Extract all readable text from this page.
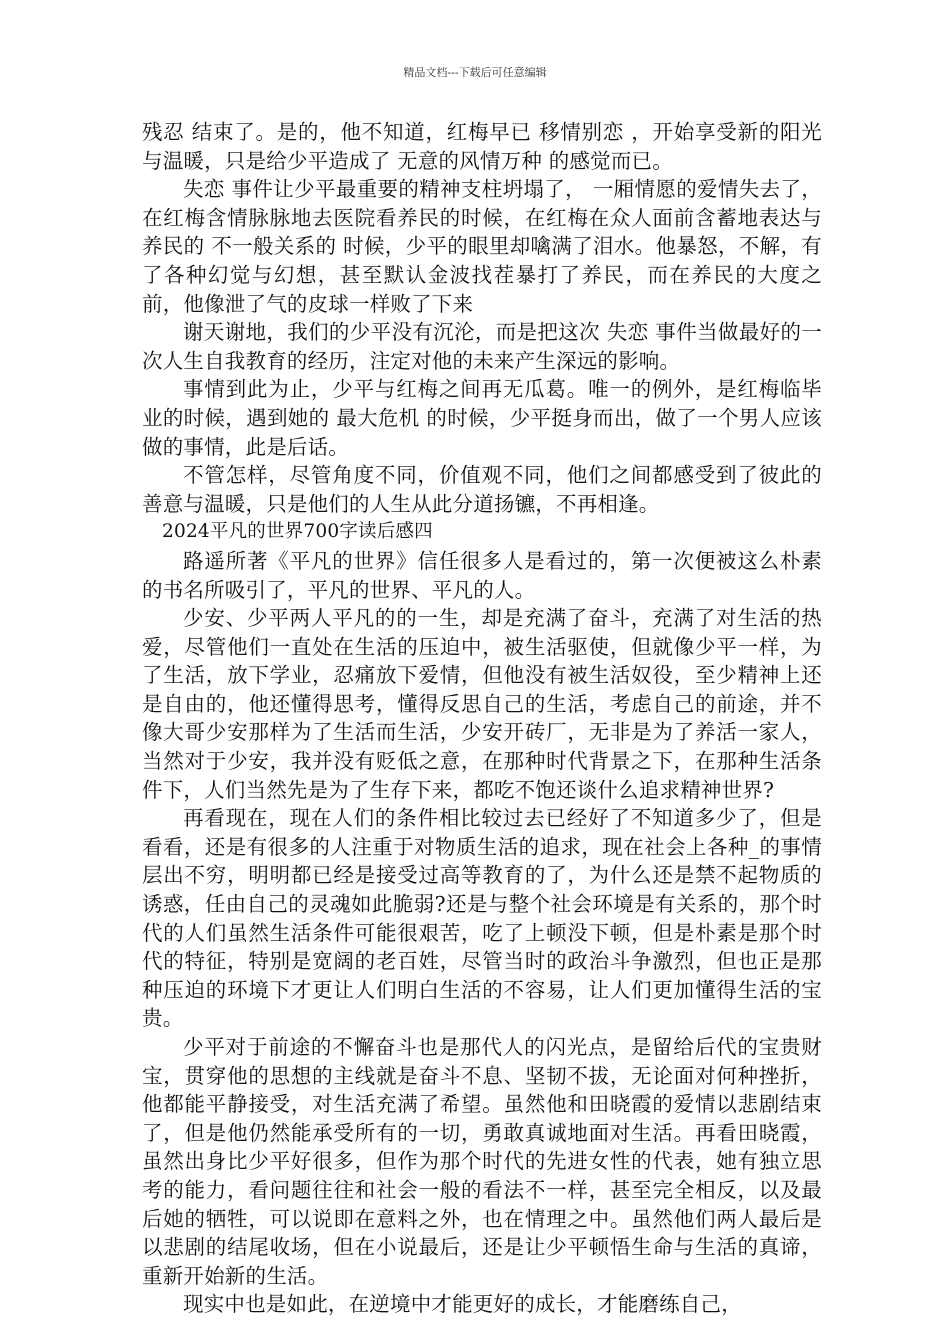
精品文档---下载后可任意编辑

残忍 结束了。是的，他不知道，红梅早已 移情别恋 ，开始享受新的阳光与温暖，只是给少平造成了 无意的风情万种 的感觉而已。

失恋 事件让少平最重要的精神支柱坍塌了， 一厢情愿的爱情失去了，在红梅含情脉脉地去医院看养民的时候，在红梅在众人面前含蓄地表达与养民的 不一般关系的 时候，少平的眼里却噙满了泪水。他暴怒，不解，有了各种幻觉与幻想，甚至默认金波找茬暴打了养民，而在养民的大度之前，他像泄了气的皮球一样败了下来

谢天谢地，我们的少平没有沉沦，而是把这次 失恋 事件当做最好的一次人生自我教育的经历，注定对他的未来产生深远的影响。

事情到此为止，少平与红梅之间再无瓜葛。唯一的例外，是红梅临毕业的时候，遇到她的 最大危机 的时候，少平挺身而出，做了一个男人应该做的事情，此是后话。

不管怎样，尽管角度不同，价值观不同，他们之间都感受到了彼此的善意与温暖，只是他们的人生从此分道扬镳，不再相逢。

2024平凡的世界700字读后感四

路遥所著《平凡的世界》信任很多人是看过的，第一次便被这么朴素的书名所吸引了，平凡的世界、平凡的人。

少安、少平两人平凡的的一生，却是充满了奋斗，充满了对生活的热爱，尽管他们一直处在生活的压迫中，被生活驱使，但就像少平一样，为了生活，放下学业，忍痛放下爱情，但他没有被生活奴役，至少精神上还是自由的，他还懂得思考，懂得反思自己的生活，考虑自己的前途，并不像大哥少安那样为了生活而生活，少安开砖厂，无非是为了养活一家人，当然对于少安，我并没有贬低之意，在那种时代背景之下，在那种生活条件下，人们当然先是为了生存下来，都吃不饱还谈什么追求精神世界?

再看现在，现在人们的条件相比较过去已经好了不知道多少了，但是看看，还是有很多的人注重于对物质生活的追求，现在社会上各种_的事情层出不穷，明明都已经是接受过高等教育的了，为什么还是禁不起物质的诱惑，任由自己的灵魂如此脆弱?还是与整个社会环境是有关系的，那个时代的人们虽然生活条件可能很艰苦，吃了上顿没下顿，但是朴素是那个时代的特征，特别是宽阔的老百姓，尽管当时的政治斗争激烈，但也正是那种压迫的环境下才更让人们明白生活的不容易，让人们更加懂得生活的宝贵。

少平对于前途的不懈奋斗也是那代人的闪光点，是留给后代的宝贵财宝，贯穿他的思想的主线就是奋斗不息、坚韧不拔，无论面对何种挫折，他都能平静接受，对生活充满了希望。虽然他和田晓霞的爱情以悲剧结束了，但是他仍然能承受所有的一切，勇敢真诚地面对生活。再看田晓霞，虽然出身比少平好很多，但作为那个时代的先进女性的代表，她有独立思考的能力，看问题往往和社会一般的看法不一样，甚至完全相反，以及最后她的牺牲，可以说即在意料之外，也在情理之中。虽然他们两人最后是以悲剧的结尾收场，但在小说最后，还是让少平顿悟生命与生活的真谛，重新开始新的生活。

现实中也是如此，在逆境中才能更好的成长，才能磨练自己，
